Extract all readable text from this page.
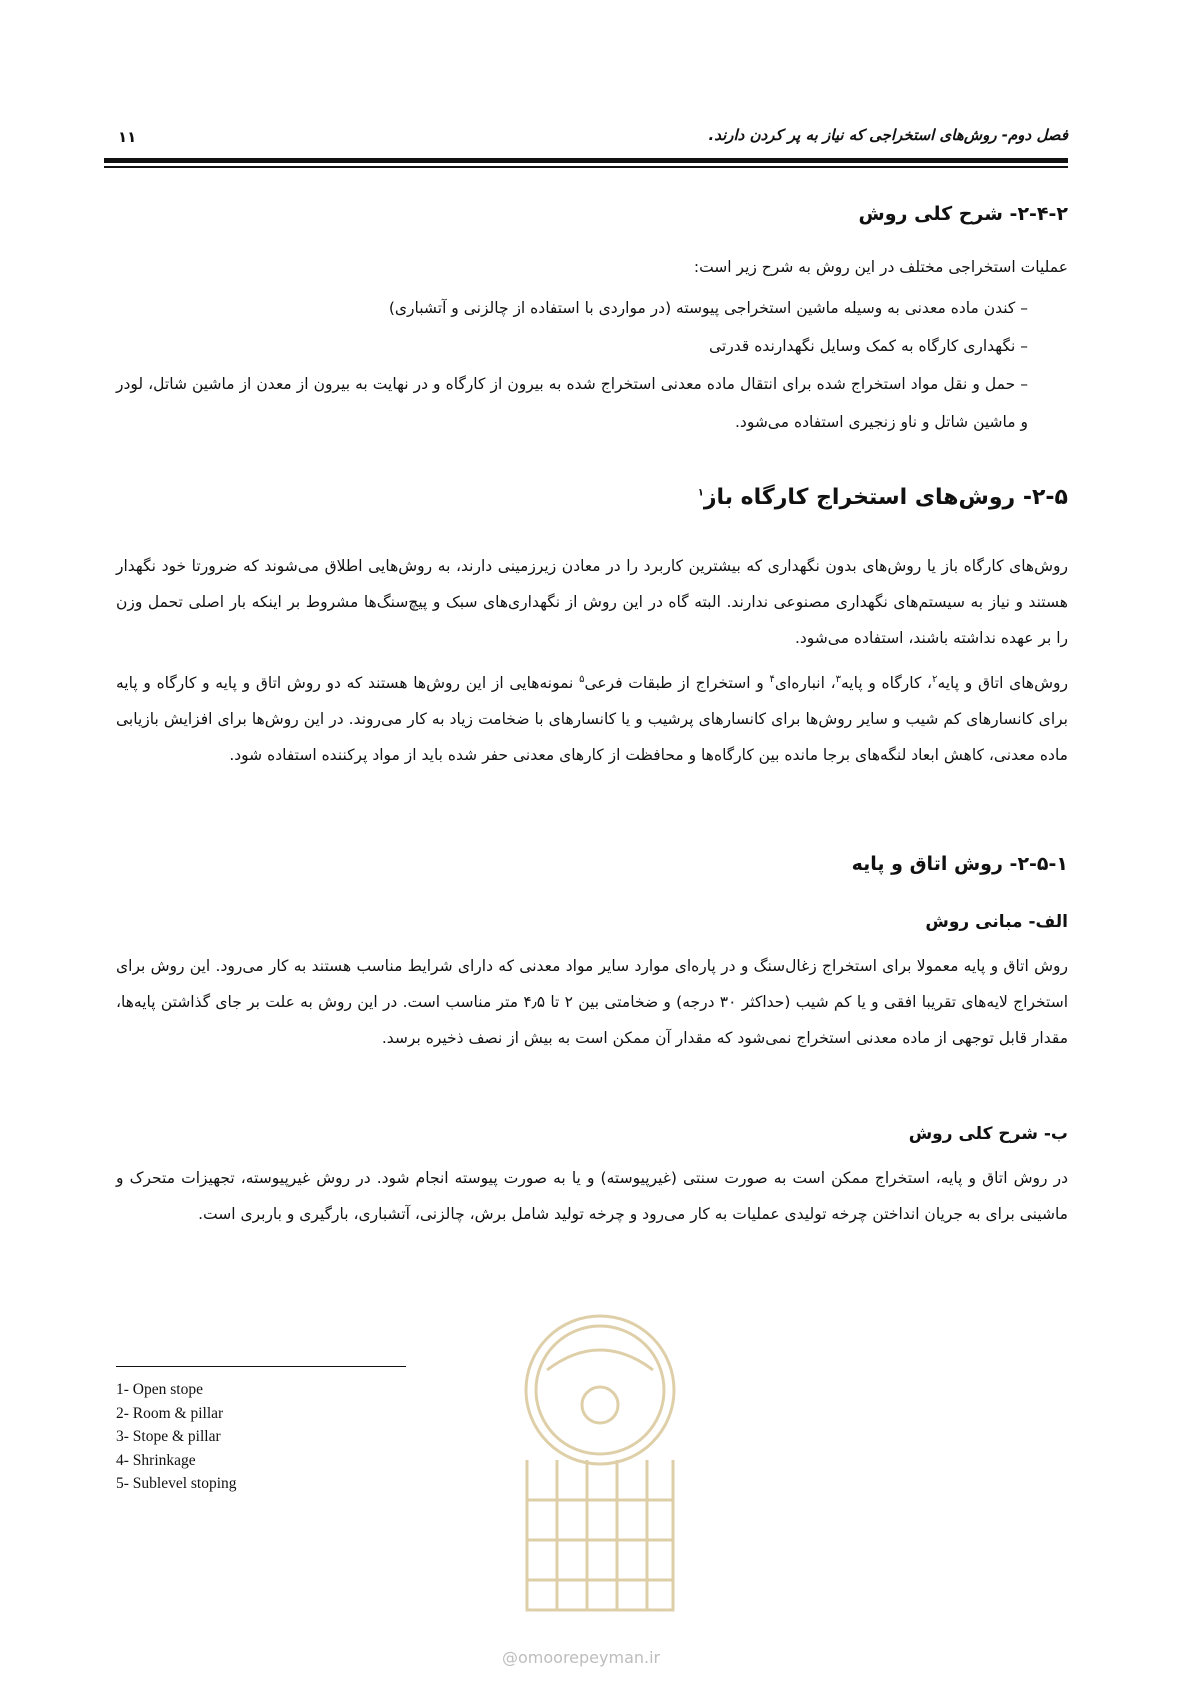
فصل دوم- روش‌های استخراجی که نیاز به پر کردن دارند.
۱۱
۲-۴-۲- شرح کلی روش
عملیات استخراجی مختلف در این روش به شرح زیر است:
– کندن ماده معدنی به وسیله ماشین استخراجی پیوسته (در مواردی با استفاده از چالزنی و آتشباری)
– نگهداری کارگاه به کمک وسایل نگهدارنده قدرتی
– حمل و نقل مواد استخراج شده برای انتقال ماده معدنی استخراج شده به بیرون از کارگاه و در نهایت به بیرون از معدن از ماشین شاتل، لودر و ماشین شاتل و ناو زنجیری استفاده می‌شود.
۲-۵- روش‌های استخراج کارگاه باز$^۱$
روش‌های کارگاه باز یا روش‌های بدون نگهداری که بیشترین کاربرد را در معادن زیرزمینی دارند، به روش‌هایی اطلاق می‌شوند که ضرورتا خود نگهدار هستند و نیاز به سیستم‌های نگهداری مصنوعی ندارند. البته گاه در این روش از نگهداری‌های سبک و پیچ‌سنگ‌ها مشروط بر اینکه بار اصلی تحمل وزن را بر عهده نداشته باشند، استفاده می‌شود.
روش‌های اتاق و پایه$^۲$، کارگاه و پایه$^۳$، انباره‌ای$^۴$ و استخراج از طبقات فرعی$^۵$ نمونه‌هایی از این روش‌ها هستند که دو روش اتاق و پایه و کارگاه و پایه برای کانسارهای کم شیب و سایر روش‌ها برای کانسارهای پرشیب و یا کانسارهای با ضخامت زیاد به کار می‌روند. در این روش‌ها برای افزایش بازیابی ماده معدنی، کاهش ابعاد لنگه‌های برجا مانده بین کارگاه‌ها و محافظت از کارهای معدنی حفر شده باید از مواد پرکننده استفاده شود.
۲-۵-۱- روش اتاق و پایه
الف- مبانی روش
روش اتاق و پایه معمولا برای استخراج زغال‌سنگ و در پاره‌ای موارد سایر مواد معدنی که دارای شرایط مناسب هستند به کار می‌رود. این روش برای استخراج لایه‌های تقریبا افقی و یا کم شیب (حداکثر ۳۰ درجه) و ضخامتی بین ۲ تا ۴٫۵ متر مناسب است. در این روش به علت بر جای گذاشتن پایه‌ها، مقدار قابل توجهی از ماده معدنی استخراج نمی‌شود که مقدار آن ممکن است به بیش از نصف ذخیره برسد.
ب- شرح کلی روش
در روش اتاق و پایه، استخراج ممکن است به صورت سنتی (غیرپیوسته) و یا به صورت پیوسته انجام شود. در روش غیرپیوسته، تجهیزات متحرک و ماشینی برای به جریان انداختن چرخه تولیدی عملیات به کار می‌رود و چرخه تولید شامل برش، چالزنی، آتشباری، بارگیری و باربری است.
1- Open stope
2- Room & pillar
3- Stope & pillar
4- Shrinkage
5- Sublevel stoping
@omoorepeyman.ir
